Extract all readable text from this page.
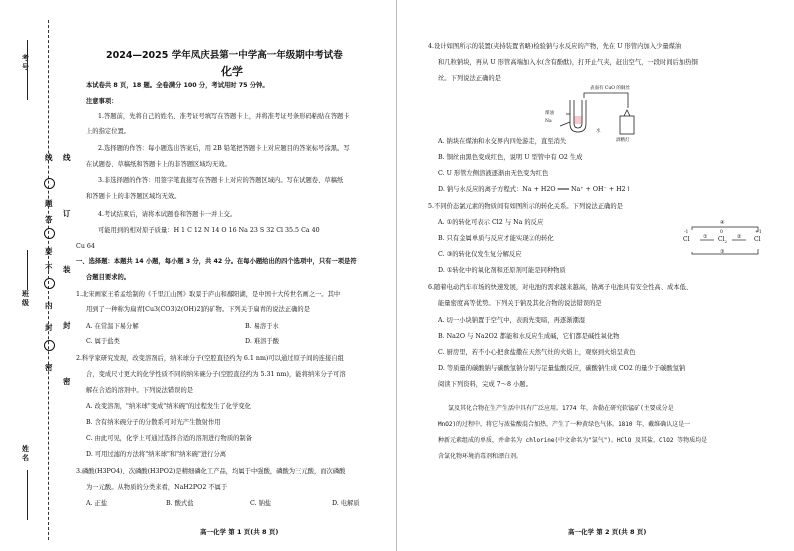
考号
班级
姓名
线
题
答
要
不
内
封
密
线
订
装
封
密
2024—2025 学年凤庆县第一中学高一年级期中考试卷
化学
本试卷共 8 页，18 题。全卷满分 100 分，考试用时 75 分钟。
注意事项：
1.答题前，先将自己的姓名、准考证号填写在答题卡上，并将准考证号条形码粘贴在答题卡
上的指定位置。
2.选择题的作答：每小题选出答案后，用 2B 铅笔把答题卡上对应题目的答案标号涂黑。写
在试题卷、草稿纸和答题卡上的非答题区域均无效。
3.非选择题的作答：用签字笔直接写在答题卡上对应的答题区域内。写在试题卷、草稿纸
和答题卡上的非答题区域均无效。
4.考试结束后，请将本试题卷和答题卡一并上交。
可能用到的相对原子质量：H 1 C 12 N 14 O 16 Na 23 S 32 Cl 35.5 Ca 40
Cu 64
一、选择题：本题共 14 小题，每小题 3 分，共 42 分。在每小题给出的四个选项中，只有一项是符
合题目要求的。
1.北宋画家王希孟绘制的《千里江山图》取景于庐山和鄱阳湖，是中国十大传世名画之一。其中
用到了一种称为扁青[Cu3(CO3)2(OH)2]的矿物。下列关于扁青的说法正确的是
A. 在常温下易分解	B. 易溶于水
C. 属于盐类	D. 难溶于酸
2.科学家研究发现，改变溶剂后，纳米球分子(空腔直径约为 6.1 nm)可以通过原子间的连接自组
合，变成尺寸更大的化学性质不同的纳米碗分子(空腔直径约为 5.31 nm)，能将纳米分子可溶
解在合适的溶剂中。下列说法错误的是
A. 改变溶剂，"纳米球"变成"纳米碗"的过程发生了化学变化
B. 含有纳米碗分子的分散系可对光产生散射作用
C. 由此可见，化学上可通过选择合适的溶剂进行物质的制备
D. 可用过滤的方法将"纳米球"和"纳米碗"进行分离
3.磷酸(H3PO4)、次磷酸(H3PO2)是精细磷化工产品，均属于中强酸，磷酸为三元酸，而次磷酸
为一元酸。从物质的分类来看，NaH2PO2 不属于
A. 正盐	B. 酸式盐	C. 钠盐	D. 电解质
高一化学 第 1 页(共 8 页)
4.设计如图所示的装置(夹持装置省略)检验钠与水反应的产物，先在 U 形管内加入少量煤油
和几粒钠块，再从 U 形管高端加入水(含有酚酞)，打开止气夹，赶出空气，一段时间后加热铜
丝。下列说法正确的是
表面有 CuO 的铜丝
煤油
Na
水
酒精灯
A. 钠块在煤油和水交界内四处游走，直至消失
B. 铜丝由黑色变成红色，说明 U 型管中有 O2 生成
C. U 形管左侧溶液逐渐由无色变为红色
D. 钠与水反应的离子方程式：Na + H2O ═══ Na⁺ + OH⁻ + H2↑
5.不同价态氯元素的物质间有如图所示的转化关系。下列说法正确的是
A. ①的转化可表示 Cl2 与 Na 的反应
B. 只有金属单质与反应才能实现②的转化
C. ③的转化仅发生复分解反应
D. ①转化中的氧化剂和还原剂可能是同种物质
Cl
-1
$Cl_2$
0
Cl
+1
①	②
④
③
6.随着电动汽车市场的快速发展，对电池的需求越来越高，钠离子电池具有安全性高、成本低、
能量密度高等优势。下列关于钠及其化合物的说法错误的是
A. 切一小块钠置于空气中，表面先变暗，再逐渐潮湿
B. Na2O 与 Na2O2 都能和水反应生成碱，它们都是碱性氧化物
C. 厨房里，若不小心把食盐撒在天然气灶的火焰上，观察到火焰呈黄色
D. 等质量的碳酸钠与碳酸氢钠分别与足量盐酸反应，碳酸钠生成 CO2 的量少于碳酸氢钠
阅读下列资料，完成 7～8 小题。
氯及其化合物在生产生活中具有广泛应用。1774 年，舍勒在研究软锰矿(主要成分是
MnO2)的过程中，将它与浓盐酸混合加热，产生了一种黄绿色气体。1810 年，戴维确认这是一
种新元素组成的单质，并命名为 chlorine(中文命名为"氯气")。HClO 及其盐、ClO2 等物质均是
含氯化物环境消毒剂和漂白剂。
高一化学 第 2 页(共 8 页)
